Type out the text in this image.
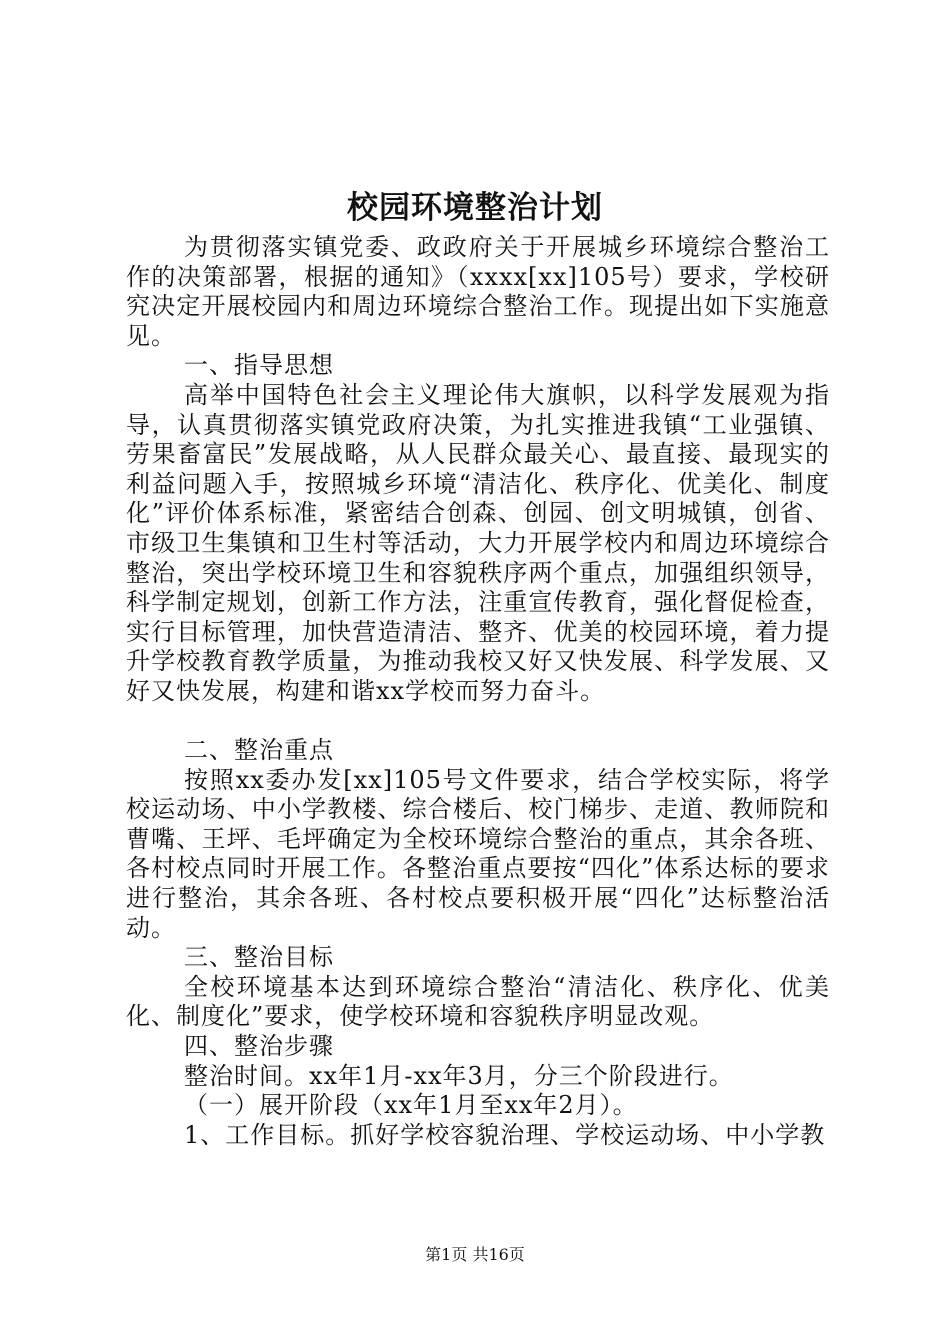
校园环境整治计划

为贯彻落实镇党委、政政府关于开展城乡环境综合整治工作的决策部署，根据的通知》（xxxx[xx]105号）要求，学校研究决定开展校园内和周边环境综合整治工作。现提出如下实施意见。

一、指导思想

高举中国特色社会主义理论伟大旗帜，以科学发展观为指导，认真贯彻落实镇党政府决策，为扎实推进我镇“工业强镇、劳果畜富民”发展战略，从人民群众最关心、最直接、最现实的利益问题入手，按照城乡环境“清洁化、秩序化、优美化、制度化”评价体系标准，紧密结合创森、创园、创文明城镇，创省、市级卫生集镇和卫生村等活动，大力开展学校内和周边环境综合整治，突出学校环境卫生和容貌秩序两个重点，加强组织领导，科学制定规划，创新工作方法，注重宣传教育，强化督促检查，实行目标管理，加快营造清洁、整齐、优美的校园环境，着力提升学校教育教学质量，为推动我校又好又快发展、科学发展、又好又快发展，构建和谐xx学校而努力奋斗。

二、整治重点

按照xx委办发[xx]105号文件要求，结合学校实际，将学校运动场、中小学教楼、综合楼后、校门梯步、走道、教师院和曹嘴、王坪、毛坪确定为全校环境综合整治的重点，其余各班、各村校点同时开展工作。各整治重点要按“四化”体系达标的要求进行整治，其余各班、各村校点要积极开展“四化”达标整治活动。

三、整治目标

全校环境基本达到环境综合整治“清洁化、秩序化、优美化、制度化”要求，使学校环境和容貌秩序明显改观。

四、整治步骤

整治时间。xx年1月-xx年3月，分三个阶段进行。

（一）展开阶段（xx年1月至xx年2月）。

1、工作目标。抓好学校容貌治理、学校运动场、中小学教

第1页 共16页
